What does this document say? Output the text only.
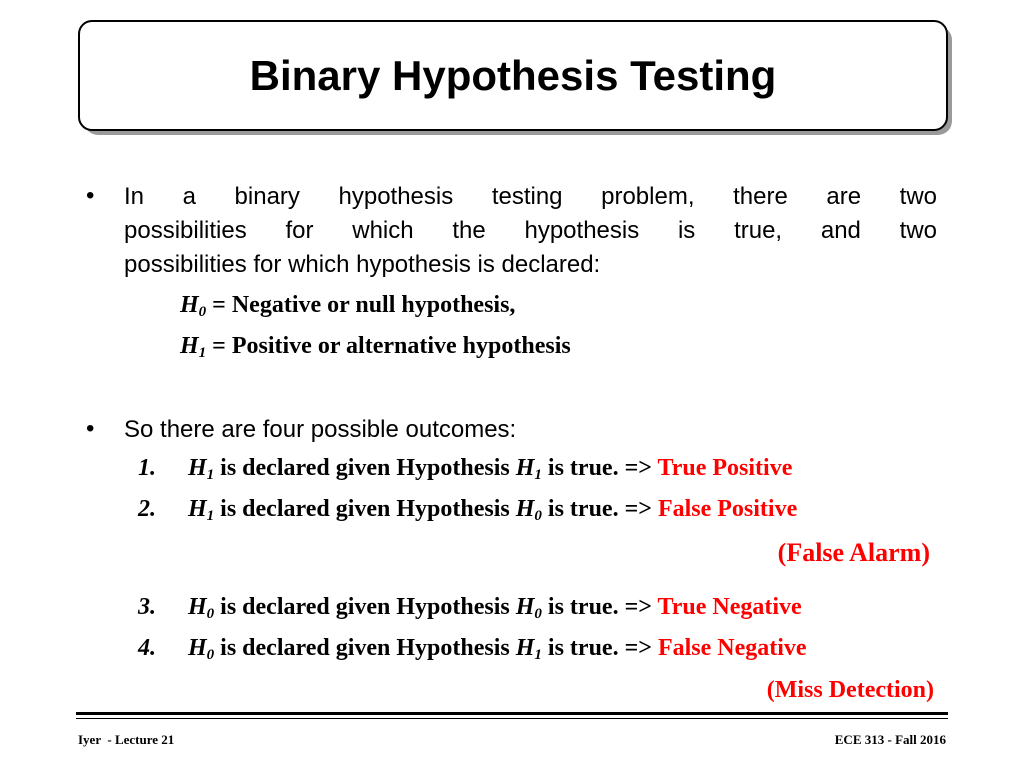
Binary Hypothesis Testing
• In a binary hypothesis testing problem, there are two
possibilities for which the hypothesis is true, and two
possibilities for which hypothesis is declared:
$H_0$ = Negative or null hypothesis,
$H_1$ = Positive or alternative hypothesis
• So there are four possible outcomes:
1. $H_1$ is declared given Hypothesis $H_1$ is true. => True Positive
2. $H_1$ is declared given Hypothesis $H_0$ is true. => False Positive
(False Alarm)
3. $H_0$ is declared given Hypothesis $H_0$ is true. => True Negative
4. $H_0$ is declared given Hypothesis $H_1$ is true. => False Negative
(Miss Detection)
Iyer  - Lecture 21	ECE 313 - Fall 2016
